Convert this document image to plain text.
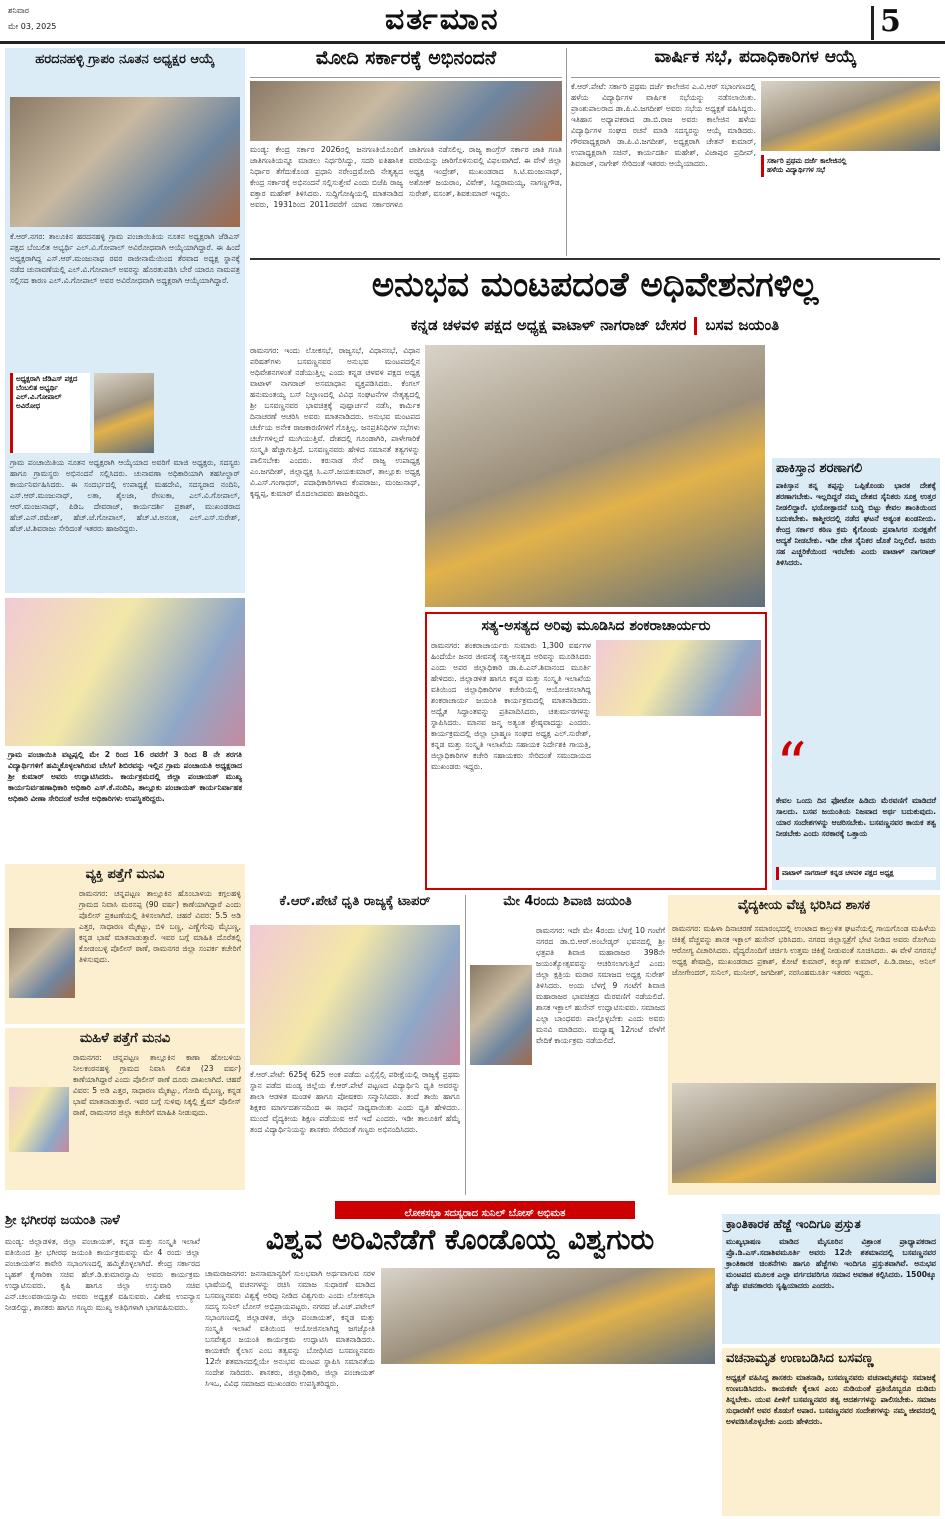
ಶನಿವಾರ
ಮೇ 03, 2025	ವರ್ತಮಾನ	5
ಹರದನಹಳ್ಳಿ ಗ್ರಾಪಂ ನೂತನ ಅಧ್ಯಕ್ಷರ ಆಯ್ಕೆ
ಕೆ.ಆರ್.ನಗರ: ತಾಲೂಕಿನ ಹರದನಹಳ್ಳಿ ಗ್ರಾಮ ಪಂಚಾಯಿತಿಯ ನೂತನ ಅಧ್ಯಕ್ಷರಾಗಿ ಜೆಡಿಎಸ್ ಪಕ್ಷದ ಬೆಂಬಲಿತ ಅಭ್ಯರ್ಥಿ ಎಲ್.ವಿ.ಗೋಪಾಲ್ ಅವಿರೋಧವಾಗಿ ಆಯ್ಕೆಯಾಗಿದ್ದಾರೆ. ಈ ಹಿಂದೆ ಅಧ್ಯಕ್ಷರಾಗಿದ್ದ ಎಸ್.ಆರ್.ಮಂಜುನಾಥ ರವರ ರಾಜೀನಾಮೆಯಿಂದ ತೆರವಾದ ಅಧ್ಯಕ್ಷ ಸ್ಥಾನಕ್ಕೆ ನಡೆದ ಚುನಾವಣೆಯಲ್ಲಿ ಎಲ್.ವಿ.ಗೋಪಾಲ್ ಅವರನ್ನು ಹೊರತುಪಡಿಸಿ ಬೇರೆ ಯಾರೂ ನಾಮಪತ್ರ ಸಲ್ಲಿಸದ ಕಾರಣ ಎಲ್.ವಿ.ಗೋಪಾಲ್ ಅವರ ಅವಿರೋಧವಾಗಿ ಅಧ್ಯಕ್ಷರಾಗಿ ಆಯ್ಕೆಯಾಗಿದ್ದಾರೆ.
ಅಧ್ಯಕ್ಷರಾಗಿ ಜೆಡಿಎಸ್ ಪಕ್ಷದ ಬೆಂಬಲಿತ ಅಭ್ಯರ್ಥಿ ಎಲ್.ವಿ.ಗೋಪಾಲ್ ಅವಿರೋಧ
ಗ್ರಾಮ ಪಂಚಾಯಿತಿಯ ನೂತನ ಅಧ್ಯಕ್ಷರಾಗಿ ಆಯ್ಕೆಯಾದ ಅವರಿಗೆ ಮಾಜಿ ಅಧ್ಯಕ್ಷರು, ಸದಸ್ಯರು ಹಾಗೂ ಗ್ರಾಮಸ್ಥರು ಅಭಿನಂದನೆ ಸಲ್ಲಿಸಿದರು. ಚುನಾವಣಾ ಅಧಿಕಾರಿಯಾಗಿ ತಹಸೀಲ್ದಾರ್ ಕಾರ್ಯನಿರ್ವಹಿಸಿದರು. ಈ ಸಂದರ್ಭದಲ್ಲಿ ಉಪಾಧ್ಯಕ್ಷೆ ಮಹದೇವಿ, ಸದಸ್ಯರಾದ ನಂದಿನಿ, ಎಸ್.ಆರ್.ಮಂಜುನಾಥ್, ಲತಾ, ಶೈಲಜಾ, ರೇಣುಕಾ, ಎಲ್.ವಿ.ಗೋಪಾಲ್, ಆರ್.ಮಂಜುನಾಥ್, ಪಿಡಿಒ ದೇವರಾಜ್, ಕಾರ್ಯದರ್ಶಿ ಪ್ರಕಾಶ್, ಮುಖಂಡರಾದ ಹೆಚ್.ಎನ್.ರಮೇಶ್, ಹೆಚ್.ಜೆ.ಗೋಪಾಲ್, ಹೆಚ್.ಟಿ.ಅನಂತ, ಎಲ್.ಎಸ್.ಸುರೇಶ್, ಹೆಚ್.ಟಿ.ಶಿವರಾಜು ಸೇರಿದಂತೆ ಇತರರು ಹಾಜರಿದ್ದರು.
ಗ್ರಾಮ ಪಂಚಾಯಿತಿ ವಟ್ಟಪ್ಪಲ್ಲಿ ಮೇ 2 ರಿಂದ 16 ರವರೆಗೆ 3 ರಿಂದ 8 ನೇ ತರಗತಿ ವಿದ್ಯಾರ್ಥಿಗಳಿಗೆ ಹಮ್ಮಿಕೊಳ್ಳಲಾಗಿರುವ ಬೇಸಿಗೆ ಶಿಬಿರವನ್ನು ಇಲ್ಲಿನ ಗ್ರಾಮ ಪಂಚಾಯತಿ ಅಧ್ಯಕ್ಷರಾದ ಶ್ರೀ ಕುಮಾರ್ ಅವರು ಉದ್ಘಾಟಿಸಿದರು. ಕಾರ್ಯಕ್ರಮದಲ್ಲಿ ಜಿಲ್ಲಾ ಪಂಚಾಯತ್ ಮುಖ್ಯ ಕಾರ್ಯನಿರ್ವಹಣಾಧಿಕಾರಿ ಅಧಿಕಾರಿ ಎಸ್.ಕೆ.ನಂದಿನಿ, ತಾಲ್ಲೂಕು ಪಂಚಾಯತ್ ಕಾರ್ಯನಿರ್ವಾಹಕ ಅಧಿಕಾರಿ ವೀಣಾ ಸೇರಿದಂತೆ ಅನೇಕ ಅಧಿಕಾರಿಗಳು ಉಪಸ್ಥಿತರಿದ್ದರು.
ವ್ಯಕ್ತಿ ಪತ್ತೆಗೆ ಮನವಿ
ರಾಮನಗರ: ಚನ್ನಪಟ್ಟಣ ತಾಲ್ಲೂಕಿನ ಹೊಂಬಾಳಯ ಕಗ್ಗಲಹಳ್ಳಿ ಗ್ರಾಮದ ನಿವಾಸಿ ಮರಸಪ್ಪ (90 ವರ್ಷ) ಕಾಣೆಯಾಗಿದ್ದಾರೆ ಎಂದು ಪೊಲೀಸ್ ಪ್ರಕಟಣೆಯಲ್ಲಿ ತಿಳಿಸಲಾಗಿದೆ. ಚಹರೆ ವಿವರ: 5.5 ಅಡಿ ಎತ್ತರ, ಸಾಧಾರಣ ಮೈಕಟ್ಟು, ಬಿಳಿ ಬಣ್ಣ, ಎಣ್ಣೆಗೆಂಪು ಮೈಬಣ್ಣ, ಕನ್ನಡ ಭಾಷೆ ಮಾತನಾಡುತ್ತಾರೆ. ಇವರ ಬಗ್ಗೆ ಮಾಹಿತಿ ದೊರೆತಲ್ಲಿ ಕೋಡಂಬಳ್ಳಿ ಪೊಲೀಸ್ ಠಾಣೆ, ರಾಮನಗರ ಜಿಲ್ಲಾ ಸಂಪರ್ಕ ಕಚೇರಿಗೆ ತಿಳಿಸುವುದು.
ಮಹಿಳೆ ಪತ್ತೆಗೆ ಮನವಿ
ರಾಮನಗರ: ಚನ್ನಪಟ್ಟಣ ತಾಲ್ಲೂಕಿನ ಕಾಣಾ ಹೋಬಳಿಯ ನೀಲಕಂಠನಹಳ್ಳಿ ಗ್ರಾಮದ ನಿವಾಸಿ ಲಿಖಿತ (23 ವರ್ಷ) ಕಾಣೆಯಾಗಿದ್ದಾರೆ ಎಂದು ಪೊಲೀಸ್ ಠಾಣೆ ದೂರು ದಾಖಲಾಗಿದೆ. ಚಹರೆ ವಿವರ: 5 ಅಡಿ ಎತ್ತರ, ಸಾಧಾರಣ ಮೈಕಟ್ಟು, ಗೋದಿ ಮೈಬಣ್ಣ, ಕನ್ನಡ ಭಾಷೆ ಮಾತನಾಡುತ್ತಾರೆ. ಇವರ ಬಗ್ಗೆ ಸುಳಿವು ಸಿಕ್ಕಲ್ಲಿ ಕ್ರೈಮ್ ಪೊಲೀಸ್ ಠಾಣೆ, ರಾಮನಗರ ಜಿಲ್ಲಾ ಕಚೇರಿಗೆ ಮಾಹಿತಿ ನೀಡುವುದು.
ಮೋದಿ ಸರ್ಕಾರಕ್ಕೆ ಅಭಿನಂದನೆ
ಮಂಡ್ಯ: ಕೇಂದ್ರ ಸರ್ಕಾರ 2026ರಲ್ಲಿ ಜನಗಣತಿಯೊಂದಿಗೆ ಜಾತಿಗಣತಿಯನ್ನೂ ಮಾಡಲು ನಿರ್ಧರಿಸಿದ್ದು, ಸದರಿ ಐತಿಹಾಸಿಕ ನಿರ್ಧಾರ ತೆಗೆದುಕೊಂಡ ಪ್ರಧಾನಿ ನರೇಂದ್ರಮೋದಿ ನೇತೃತ್ವದ ಕೇಂದ್ರ ಸರ್ಕಾರಕ್ಕೆ ಅಭಿನಂದನೆ ಸಲ್ಲಿಸುತ್ತೇವೆ ಎಂದು ಬಿಜೆಪಿ ರಾಜ್ಯ ವಕ್ತಾರ ಮಹೇಶ್ ತಿಳಿಸಿದರು. ಸುದ್ದಿಗೋಷ್ಠಿಯಲ್ಲಿ ಮಾತನಾಡಿದ ಅವರು, 1931ರಿಂದ 2011ರವರೆಗೆ ಯಾವ ಸರ್ಕಾರಗಳೂ ಜಾತಿಗಣತಿ ನಡೆಸಲಿಲ್ಲ. ರಾಜ್ಯ ಕಾಂಗ್ರೆಸ್ ಸರ್ಕಾರ ಜಾತಿ ಗಣತಿ ವರದಿಯನ್ನು ಜಾರಿಗೊಳಿಸುವಲ್ಲಿ ವಿಫಲವಾಗಿದೆ. ಈ ವೇಳೆ ಜಿಲ್ಲಾ ಅಧ್ಯಕ್ಷ ಇಂದ್ರೇಶ್, ಮುಖಂಡರಾದ ಸಿ.ಟಿ.ಮಂಜುನಾಥ್, ಅಶೋಕ್ ಜಯರಾಂ, ವಿವೇಕ್, ಸಿದ್ದರಾಮಯ್ಯ, ನಾಗಣ್ಣಗೌಡ, ಸುರೇಶ್, ವಸಂತ್, ಶಿವಕುಮಾರ್ ಇದ್ದರು.
ವಾರ್ಷಿಕ ಸಭೆ, ಪದಾಧಿಕಾರಿಗಳ ಆಯ್ಕೆ
ಕೆ.ಆರ್.ಪೇಟೆ: ಸರ್ಕಾರಿ ಪ್ರಥಮ ದರ್ಜೆ ಕಾಲೇಜಿನ ಎ.ವಿ.ಆರ್ ಸಭಾಂಗಣದಲ್ಲಿ ಹಳೆಯ ವಿದ್ಯಾರ್ಥಿಗಳ ವಾರ್ಷಿಕ ಸಭೆಯನ್ನು ನಡೆಸಲಾಯಿತು. ಪ್ರಾಂಶುಪಾಲರಾದ ಡಾ.ಪಿ.ವಿ.ಜಗದೀಶ್ ಅವರು ಸಭೆಯ ಅಧ್ಯಕ್ಷತೆ ವಹಿಸಿದ್ದರು. ಇತಿಹಾಸ ಅಧ್ಯಾಪಕರಾದ ಡಾ.ಬಿ.ರಾಜ ಅವರು ಕಾಲೇಜಿನ ಹಳೆಯ ವಿದ್ಯಾರ್ಥಿಗಳ ಸಂಘದ ರಚನೆ ಮಾಡಿ ಸದಸ್ಯರನ್ನು ಆಯ್ಕೆ ಮಾಡಿದರು. ಗೌರವಾಧ್ಯಕ್ಷರಾಗಿ ಡಾ.ಪಿ.ವಿ.ಜಗದೀಶ್, ಅಧ್ಯಕ್ಷರಾಗಿ ಚೇತನ್ ಕುಮಾರ್, ಉಪಾಧ್ಯಕ್ಷರಾಗಿ ಸಚಿನ್, ಕಾರ್ಯದರ್ಶಿ ಮಹೇಶ್, ವಿಜಾಪುರ ಪ್ರದೀಪ್, ಶಿವರಾಜ್, ನಾಗೇಶ್ ಸೇರಿದಂತೆ ಇತರರು ಆಯ್ಕೆಯಾದರು.	ಸರ್ಕಾರಿ ಪ್ರಥಮ ದರ್ಜೆ ಕಾಲೇಜಿನಲ್ಲಿ ಹಳೆಯ ವಿದ್ಯಾರ್ಥಿಗಳ ಸಭೆ
ಅನುಭವ ಮಂಟಪದಂತೆ ಅಧಿವೇಶನಗಳಿಲ್ಲ
ಕನ್ನಡ ಚಳವಳಿ ಪಕ್ಷದ ಅಧ್ಯಕ್ಷ ವಾಟಾಳ್ ನಾಗರಾಜ್ ಬೇಸರ ಬಸವ ಜಯಂತಿ
ರಾಮನಗರ: ಇಂದು ಲೋಕಸಭೆ, ರಾಜ್ಯಸಭೆ, ವಿಧಾನಸಭೆ, ವಿಧಾನ ಪರಿಷತ್‌ಗಳು ಬಸವಣ್ಣನವರ ಅನುಭವ ಮಂಟಪದಲ್ಲಿನ ಅಧಿವೇಶನಗಳಂತೆ ನಡೆಯುತ್ತಿಲ್ಲ ಎಂದು ಕನ್ನಡ ಚಳವಳಿ ಪಕ್ಷದ ಅಧ್ಯಕ್ಷ ವಾಟಾಳ್ ನಾಗರಾಜ್ ಅಸಮಾಧಾನ ವ್ಯಕ್ತಪಡಿಸಿದರು. ಕೆಂಗಲ್ ಹನುಮಂತಯ್ಯ ಬಸ್ ನಿಲ್ದಾಣದಲ್ಲಿ ವಿವಿಧ ಸಂಘಟನೆಗಳ ನೇತೃತ್ವದಲ್ಲಿ ಶ್ರೀ ಬಸವಣ್ಣನವರ ಭಾವಚಿತ್ರಕ್ಕೆ ಪುಷ್ಪಾರ್ಚನೆ ನಡೆಸಿ, ಕಾರ್ಮಿಕ ದಿನಾಚರಣೆ ಆಚರಿಸಿ ಅವರು ಮಾತನಾಡಿದರು. ಅನುಭವ ಮಂಟಪದ ಚರ್ಚೆಯ ಅನೇಕ ರಾಜಕಾರಣಿಗಳಿಗೆ ಗೊತ್ತಿಲ್ಲ. ಜನಪ್ರತಿನಿಧಿಗಳ ಸಭೆಗಳು ಚರ್ಚೆಗಳಿಲ್ಲದೆ ಮುಗಿಯುತ್ತಿವೆ. ದೇಶದಲ್ಲಿ ಗೂಂಡಾಗಿರಿ, ಪಾಳೇಗಾರಿಕೆ ಸಂಸ್ಕೃತಿ ಹೆಚ್ಚಾಗುತ್ತಿದೆ. ಬಸವಣ್ಣನವರು ಹೇಳಿದ ಸಮಾನತೆ ತತ್ವಗಳನ್ನು ಪಾಲಿಸಬೇಕು ಎಂದರು. ಕರುನಾಡ ಸೇನೆ ರಾಜ್ಯ ಉಪಾಧ್ಯಕ್ಷ ಎಂ.ಜಗದೀಶ್, ಜಿಲ್ಲಾಧ್ಯಕ್ಷ ಸಿ.ಎಸ್.ಜಯಕುಮಾರ್, ತಾಲ್ಲೂಕು ಅಧ್ಯಕ್ಷ ವಿ.ಎಸ್.ಗಂಗಾಧರ್, ಪದಾಧಿಕಾರಿಗಳಾದ ಕೆಂಪರಾಜು, ಮಂಜುನಾಥ್, ಕೃಷ್ಣಪ್ಪ, ಕುಮಾರ್ ಮೊದಲಾದವರು ಹಾಜರಿದ್ದರು.
ಪಾಕಿಸ್ತಾನ ಶರಣಾಗಲಿ
ಪಾಕಿಸ್ತಾನ ತನ್ನ ತಪ್ಪನ್ನು ಒಪ್ಪಿಕೊಂಡು ಭಾರತ ದೇಶಕ್ಕೆ ಶರಣಾಗಬೇಕು. ಇಲ್ಲದಿದ್ದರೆ ನಮ್ಮ ದೇಶದ ಸೈನಿಕರು ಸೂಕ್ತ ಉತ್ತರ ನೀಡಲಿದ್ದಾರೆ. ಭಯೋತ್ಪಾದನೆ ಬುದ್ಧಿ ಬಿಟ್ಟು ಕೇವಲ ಶಾಂತಿಯಿಂದ ಬದುಕಬೇಕು. ಕಾಶ್ಮೀರದಲ್ಲಿ ನಡೆದ ಘಟನೆ ಅತ್ಯಂತ ಖಂಡನೀಯ. ಕೇಂದ್ರ ಸರ್ಕಾರ ಕಠಿಣ ಕ್ರಮ ಕೈಗೊಂಡು ಪ್ರವಾಸಿಗರ ಸುರಕ್ಷತೆಗೆ ಆದ್ಯತೆ ನೀಡಬೇಕು. ಇಡೀ ದೇಶ ಸೈನಿಕರ ಜೊತೆ ನಿಲ್ಲಲಿದೆ. ಜನರು ಸಹ ಎಚ್ಚರಿಕೆಯಿಂದ ಇರಬೇಕು ಎಂದು ವಾಟಾಳ್ ನಾಗರಾಜ್ ತಿಳಿಸಿದರು.
“
ಕೇವಲ ಒಂದು ದಿನ ಫೋಟೋ ಹಿಡಿದು ಮೆರವಣಿಗೆ ಮಾಡಿದರೆ ಸಾಲದು. ಬಸವ ಜಯಂತಿಯ ನಿಜವಾದ ಅರ್ಥ ಬದುಕುವುದು. ಯಾರ ಸಂದೇಶಗಳನ್ನು ಆಚರಿಸಬೇಕು. ಬಸವಣ್ಣನವರ ಕಾಯಕ ತತ್ವ ನೀಡಬೇಕು ಎಂದು ಸರಕಾರಕ್ಕೆ ಒತ್ತಾಯ
ವಾಟಾಳ್ ನಾಗರಾಜ್ ಕನ್ನಡ ಚಳವಳಿ ಪಕ್ಷದ ಅಧ್ಯಕ್ಷ
ಸತ್ಯ-ಅಸತ್ಯದ ಅರಿವು ಮೂಡಿಸಿದ ಶಂಕರಾಚಾರ್ಯರು
ರಾಮನಗರ: ಶಂಕರಾಚಾರ್ಯರು ಸುಮಾರು 1,300 ವರ್ಷಗಳ ಹಿಂದೆಯೇ ಜನರ ಜೀವನಕ್ಕೆ ಸತ್ಯ-ಅಸತ್ಯದ ಅರಿವನ್ನು ಮೂಡಿಸಿದರು ಎಂದು ಅಪರ ಜಿಲ್ಲಾಧಿಕಾರಿ ಡಾ.ಪಿ.ಎನ್.ಶಿವಾನಂದ ಮೂರ್ತಿ ಹೇಳಿದರು. ಜಿಲ್ಲಾಡಳಿತ ಹಾಗೂ ಕನ್ನಡ ಮತ್ತು ಸಂಸ್ಕೃತಿ ಇಲಾಖೆಯ ವತಿಯಿಂದ ಜಿಲ್ಲಾಧಿಕಾರಿಗಳ ಕಚೇರಿಯಲ್ಲಿ ಆಯೋಜಿಸಲಾಗಿದ್ದ ಶಂಕರಾಚಾರ್ಯ ಜಯಂತಿ ಕಾರ್ಯಕ್ರಮದಲ್ಲಿ ಮಾತನಾಡಿದರು. ಅದ್ವೈತ ಸಿದ್ಧಾಂತವನ್ನು ಪ್ರತಿಪಾದಿಸಿದರು, ಚತುರ್ಮಠಗಳನ್ನು ಸ್ಥಾಪಿಸಿದರು. ಮಾನವ ಜನ್ಮ ಅತ್ಯಂತ ಶ್ರೇಷ್ಠವಾದದ್ದು ಎಂದರು. ಕಾರ್ಯಕ್ರಮದಲ್ಲಿ ಜಿಲ್ಲಾ ಬ್ರಾಹ್ಮಣ ಸಂಘದ ಅಧ್ಯಕ್ಷ ಎಲ್.ಸುರೇಶ್, ಕನ್ನಡ ಮತ್ತು ಸಂಸ್ಕೃತಿ ಇಲಾಖೆಯ ಸಹಾಯಕ ನಿರ್ದೇಶಕಿ ಗಾಯತ್ರಿ, ಜಿಲ್ಲಾಧಿಕಾರಿಗಳ ಕಚೇರಿ ಸಹಾಯಕರು ಸೇರಿದಂತೆ ಸಮುದಾಯದ ಮುಖಂಡರು ಇದ್ದರು.
ಕೆ.ಆರ್.ಪೇಟೆ ಧೃತಿ ರಾಜ್ಯಕ್ಕೆ ಟಾಪರ್
ಕೆ.ಆರ್.ಪೇಟೆ: 625ಕ್ಕೆ 625 ಅಂಕ ಪಡೆದು ಎಸ್ಸೆಸ್ಸೆಲ್ಸಿ ಪರೀಕ್ಷೆಯಲ್ಲಿ ರಾಜ್ಯಕ್ಕೆ ಪ್ರಥಮ ಸ್ಥಾನ ಪಡೆದ ಮಂಡ್ಯ ಜಿಲ್ಲೆಯ ಕೆ.ಆರ್.ಪೇಟೆ ಪಟ್ಟಣದ ವಿದ್ಯಾರ್ಥಿನಿ ಧೃತಿ ಅವರನ್ನು ಶಾಲಾ ಆಡಳಿತ ಮಂಡಳಿ ಹಾಗೂ ಪೋಷಕರು ಸನ್ಮಾನಿಸಿದರು. ತಂದೆ ತಾಯಿ ಹಾಗೂ ಶಿಕ್ಷಕರ ಮಾರ್ಗದರ್ಶನದಿಂದ ಈ ಸಾಧನೆ ಸಾಧ್ಯವಾಯಿತು ಎಂದು ಧೃತಿ ಹೇಳಿದರು. ಮುಂದೆ ವೈದ್ಯಕೀಯ ಶಿಕ್ಷಣ ಪಡೆಯುವ ಆಸೆ ಇದೆ ಎಂದರು. ಇಡೀ ತಾಲೂಕಿಗೆ ಹೆಮ್ಮೆ ತಂದ ವಿದ್ಯಾರ್ಥಿನಿಯನ್ನು ಶಾಸಕರು ಸೇರಿದಂತೆ ಗಣ್ಯರು ಅಭಿನಂದಿಸಿದರು.
ಮೇ 4ರಂದು ಶಿವಾಜಿ ಜಯಂತಿ
ರಾಮನಗರ: ಇದೇ ಮೇ 4ರಂದು ಬೆಳಗ್ಗೆ 10 ಗಂಟೆಗೆ ನಗರದ ಡಾ.ಬಿ.ಆರ್.ಅಂಬೇಡ್ಕರ್ ಭವನದಲ್ಲಿ ಶ್ರೀ ಛತ್ರಪತಿ ಶಿವಾಜಿ ಮಹಾರಾಜರ 398ನೇ ಜಯಂತ್ಯೋತ್ಸವವನ್ನು ಆಚರಿಸಲಾಗುತ್ತಿದೆ ಎಂದು ಜಿಲ್ಲಾ ಕ್ಷತ್ರಿಯ ಮರಾಠ ಸಮಾಜದ ಅಧ್ಯಕ್ಷ ಸುರೇಶ್ ತಿಳಿಸಿದರು. ಅಂದು ಬೆಳಗ್ಗೆ 9 ಗಂಟೆಗೆ ಶಿವಾಜಿ ಮಹಾರಾಜರ ಭಾವಚಿತ್ರದ ಮೆರವಣಿಗೆ ನಡೆಯಲಿದೆ. ಶಾಸಕ ಇಕ್ಬಾಲ್ ಹುಸೇನ್ ಉದ್ಘಾಟಿಸುವರು. ಸಮಾಜದ ಎಲ್ಲಾ ಬಾಂಧವರು ಪಾಲ್ಗೊಳ್ಳಬೇಕು ಎಂದು ಅವರು ಮನವಿ ಮಾಡಿದರು. ಮಧ್ಯಾಹ್ನ 12ಗಂಟೆ ವೇಳೆಗೆ ವೇದಿಕೆ ಕಾರ್ಯಕ್ರಮ ನಡೆಯಲಿದೆ.
ವೈದ್ಯಕೀಯ ವೆಚ್ಚ ಭರಿಸಿದ ಶಾಸಕ
ರಾಮನಗರ: ಮಹಿಳಾ ದಿನಾಚರಣೆ ಸಮಾರಂಭದಲ್ಲಿ ಉಂಟಾದ ಕಾಲ್ತುಳಿತ ಘಟನೆಯಲ್ಲಿ ಗಾಯಗೊಂಡ ಮಹಿಳೆಯ ಚಿಕಿತ್ಸೆ ವೆಚ್ಚವನ್ನು ಶಾಸಕ ಇಕ್ಬಾಲ್ ಹುಸೇನ್ ಭರಿಸಿದರು. ನಗರದ ಜಿಲ್ಲಾಸ್ಪತ್ರೆಗೆ ಭೇಟಿ ನೀಡಿದ ಅವರು ರೋಗಿಯ ಆರೋಗ್ಯ ವಿಚಾರಿಸಿದರು. ವೈದ್ಯರೊಂದಿಗೆ ಚರ್ಚಿಸಿ ಉತ್ತಮ ಚಿಕಿತ್ಸೆ ನೀಡುವಂತೆ ಸೂಚಿಸಿದರು. ಈ ವೇಳೆ ನಗರಸಭೆ ಅಧ್ಯಕ್ಷ ಶೇಷಾದ್ರಿ, ಮುಖಂಡರಾದ ಪ್ರಕಾಶ್, ಕೋಟೆ ಕುಮಾರ್, ಕಲ್ಯಾಣ್ ಕುಮಾರ್, ಪಿ.ಡಿ.ರಾಜು, ಅನಿಲ್ ಜೋಗೇಂದರ್, ಸುನಿಲ್, ಮುನೀರ್, ಜಗದೀಶ್, ನರಸಿಂಹಮೂರ್ತಿ ಇತರರು ಇದ್ದರು.
ಶ್ರೀ ಭಗೀರಥ ಜಯಂತಿ ನಾಳೆ
ಮಂಡ್ಯ: ಜಿಲ್ಲಾಡಳಿತ, ಜಿಲ್ಲಾ ಪಂಚಾಯತ್, ಕನ್ನಡ ಮತ್ತು ಸಂಸ್ಕೃತಿ ಇಲಾಖೆ ವತಿಯಿಂದ ಶ್ರೀ ಭಗೀರಥ ಜಯಂತಿ ಕಾರ್ಯಕ್ರಮವನ್ನು ಮೇ 4 ರಂದು ಜಿಲ್ಲಾ ಪಂಚಾಯತ್‌ನ ಕಾವೇರಿ ಸಭಾಂಗಣದಲ್ಲಿ ಹಮ್ಮಿಕೊಳ್ಳಲಾಗಿದೆ. ಕೇಂದ್ರ ಸರ್ಕಾರದ ಬೃಹತ್ ಕೈಗಾರಿಕಾ ಸಚಿವ ಹೆಚ್.ಡಿ.ಕುಮಾರಸ್ವಾಮಿ ಅವರು ಕಾರ್ಯಕ್ರಮ ಉದ್ಘಾಟಿಸುವರು. ಕೃಷಿ ಹಾಗೂ ಜಿಲ್ಲಾ ಉಸ್ತುವಾರಿ ಸಚಿವ ಎನ್.ಚಲುವರಾಯಸ್ವಾಮಿ ಅವರು ಅಧ್ಯಕ್ಷತೆ ವಹಿಸುವರು. ವಿಶೇಷ ಉಪನ್ಯಾಸ ನೀಡಲಿದ್ದು, ಶಾಸಕರು ಹಾಗೂ ಗಣ್ಯರು ಮುಖ್ಯ ಅತಿಥಿಗಳಾಗಿ ಭಾಗವಹಿಸುವರು.
ಲೋಕಸಭಾ ಸದಸ್ಯರಾದ ಸುನಿಲ್ ಬೋಸ್ ಅಭಿಮತ
ವಿಶ್ವವ ಅರಿವಿನೆಡೆಗೆ ಕೊಂಡೊಯ್ದ ವಿಶ್ವಗುರು
ಚಾಮರಾಜನಗರ: ಜನಸಾಮಾನ್ಯರಿಗೆ ಸುಲಭವಾಗಿ ಅರ್ಥವಾಗುವ ಸರಳ ಭಾಷೆಯಲ್ಲಿ ವಚನಗಳನ್ನು ರಚಿಸಿ ಸಮಾಜ ಸುಧಾರಣೆ ಮಾಡಿದ ಬಸವಣ್ಣನವರು ವಿಶ್ವಕ್ಕೆ ಅರಿವು ನೀಡಿದ ವಿಶ್ವಗುರು ಎಂದು ಲೋಕಸಭಾ ಸದಸ್ಯ ಸುನಿಲ್ ಬೋಸ್ ಅಭಿಪ್ರಾಯಪಟ್ಟರು. ನಗರದ ಜೆ.ಎಚ್.ಪಟೇಲ್ ಸಭಾಂಗಣದಲ್ಲಿ ಜಿಲ್ಲಾಡಳಿತ, ಜಿಲ್ಲಾ ಪಂಚಾಯತ್, ಕನ್ನಡ ಮತ್ತು ಸಂಸ್ಕೃತಿ ಇಲಾಖೆ ವತಿಯಿಂದ ಆಯೋಜಿಸಲಾಗಿದ್ದ ಜಗಜ್ಯೋತಿ ಬಸವೇಶ್ವರ ಜಯಂತಿ ಕಾರ್ಯಕ್ರಮ ಉದ್ಘಾಟಿಸಿ ಮಾತನಾಡಿದರು. ಕಾಯಕವೇ ಕೈಲಾಸ ಎಂಬ ತತ್ವವನ್ನು ಬೋಧಿಸಿದ ಬಸವಣ್ಣನವರು 12ನೇ ಶತಮಾನದಲ್ಲಿಯೇ ಅನುಭವ ಮಂಟಪ ಸ್ಥಾಪಿಸಿ ಸಮಾನತೆಯ ಸಂದೇಶ ಸಾರಿದರು. ಶಾಸಕರು, ಜಿಲ್ಲಾಧಿಕಾರಿ, ಜಿಲ್ಲಾ ಪಂಚಾಯತ್ ಸಿಇಒ, ವಿವಿಧ ಸಮಾಜದ ಮುಖಂಡರು ಉಪಸ್ಥಿತರಿದ್ದರು.
ಕ್ರಾಂತಿಕಾರಕ ಹೆಜ್ಜೆ ಇಂದಿಗೂ ಪ್ರಸ್ತುತ
ಮುಖ್ಯಭಾಷಣ ಮಾಡಿದ ಮೈಸೂರಿನ ವಿಶ್ರಾಂತ ಪ್ರಾಧ್ಯಾಪಕರಾದ ಪ್ರೊ.ಡಿ.ಎಸ್.ಸದಾಶಿವಮೂರ್ತಿ ಅವರು 12ನೇ ಶತಮಾನದಲ್ಲಿ ಬಸವಣ್ಣನವರ ಕ್ರಾಂತಿಕಾರಕ ಚಿಂತನೆಗಳು ಹಾಗೂ ಹೆಜ್ಜೆಗಳು ಇಂದಿಗೂ ಪ್ರಸ್ತುತವಾಗಿವೆ. ಅನುಭವ ಮಂಟಪದ ಮೂಲಕ ಎಲ್ಲಾ ವರ್ಗದವರಿಗೂ ಸಮಾನ ಅವಕಾಶ ಕಲ್ಪಿಸಿದರು. 1500ಕ್ಕೂ ಹೆಚ್ಚು ವಚನಕಾರರು ಸೃಷ್ಟಿಯಾದರು ಎಂದರು.
ವಚನಾಮೃತ ಉಣಬಡಿಸಿದ ಬಸವಣ್ಣ
ಅಧ್ಯಕ್ಷತೆ ವಹಿಸಿದ್ದ ಶಾಸಕರು ಮಾತನಾಡಿ, ಬಸವಣ್ಣನವರು ವಚನಾಮೃತವನ್ನು ಸಮಾಜಕ್ಕೆ ಉಣಬಡಿಸಿದರು. ಕಾಯಕವೇ ಕೈಲಾಸ ಎಂಬ ನುಡಿಯಂತೆ ಪ್ರತಿಯೊಬ್ಬರೂ ದುಡಿದು ತಿನ್ನಬೇಕು. ಯುವ ಪೀಳಿಗೆ ಬಸವಣ್ಣನವರ ತತ್ವ ಆದರ್ಶಗಳನ್ನು ಪಾಲಿಸಬೇಕು. ಸಮಾಜ ಸುಧಾರಣೆಗೆ ಅವರ ಕೊಡುಗೆ ಅಪಾರ. ಬಸವಣ್ಣನವರ ಸಂದೇಶಗಳನ್ನು ನಮ್ಮ ಜೀವನದಲ್ಲಿ ಅಳವಡಿಸಿಕೊಳ್ಳಬೇಕು ಎಂದು ಹೇಳಿದರು.
